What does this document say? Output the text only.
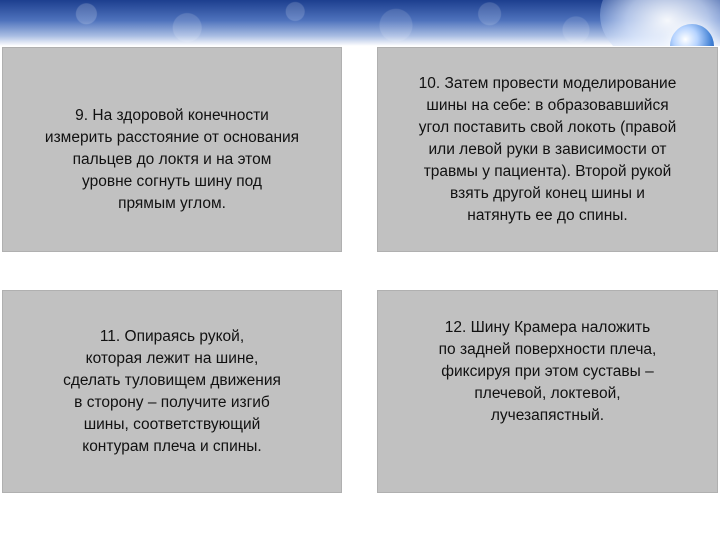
9. На здоровой конечности
измерить расстояние от основания
пальцев до локтя и на этом
уровне согнуть шину под
прямым углом.
10. Затем провести моделирование
шины на себе: в образовавшийся
угол поставить свой локоть (правой
или левой руки в зависимости от
травмы у пациента). Второй рукой
взять другой конец шины и
натянуть ее до спины.
11. Опираясь рукой,
которая лежит на шине,
сделать туловищем движения
в сторону – получите изгиб
шины, соответствующий
контурам плеча и спины.
12. Шину Крамера наложить
по задней поверхности плеча,
фиксируя при этом суставы –
плечевой, локтевой,
лучезапястный.
